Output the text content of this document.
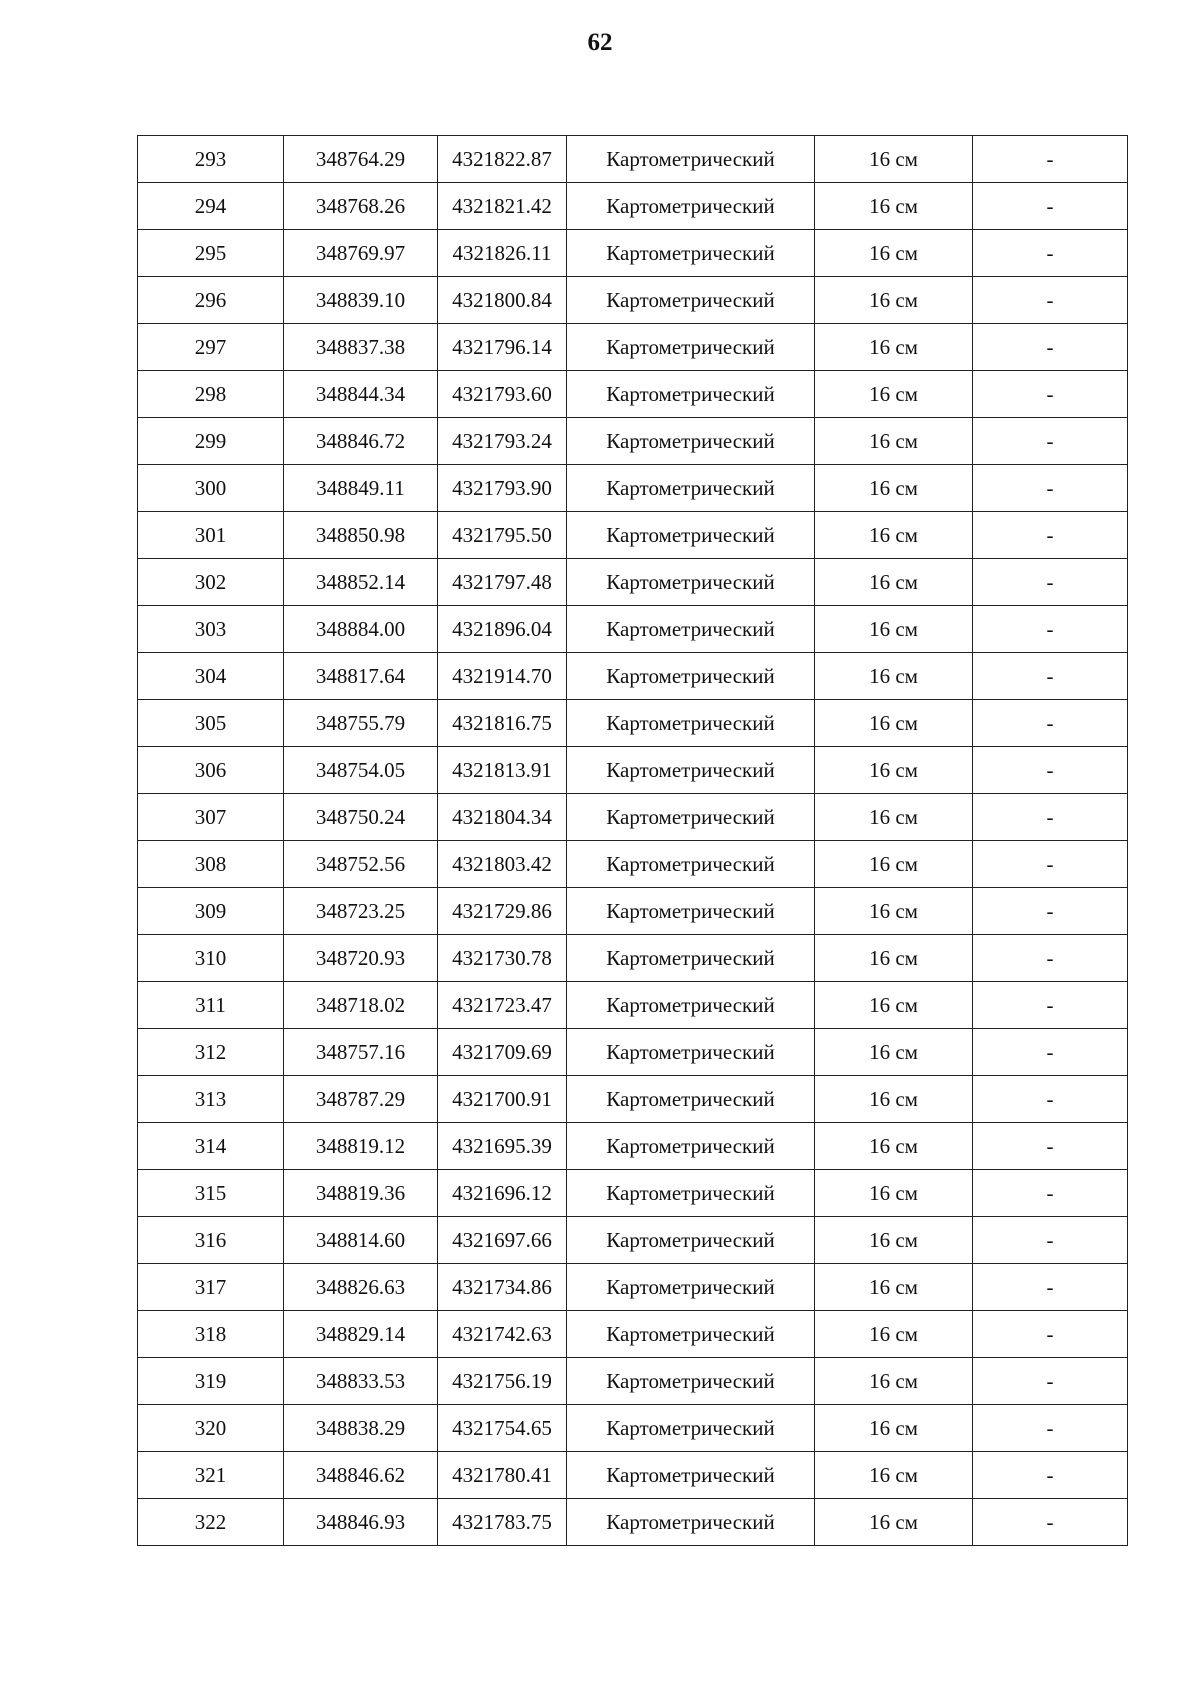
62
293	348764.29	4321822.87	Картометрический	16 см	-
294	348768.26	4321821.42	Картометрический	16 см	-
295	348769.97	4321826.11	Картометрический	16 см	-
296	348839.10	4321800.84	Картометрический	16 см	-
297	348837.38	4321796.14	Картометрический	16 см	-
298	348844.34	4321793.60	Картометрический	16 см	-
299	348846.72	4321793.24	Картометрический	16 см	-
300	348849.11	4321793.90	Картометрический	16 см	-
301	348850.98	4321795.50	Картометрический	16 см	-
302	348852.14	4321797.48	Картометрический	16 см	-
303	348884.00	4321896.04	Картометрический	16 см	-
304	348817.64	4321914.70	Картометрический	16 см	-
305	348755.79	4321816.75	Картометрический	16 см	-
306	348754.05	4321813.91	Картометрический	16 см	-
307	348750.24	4321804.34	Картометрический	16 см	-
308	348752.56	4321803.42	Картометрический	16 см	-
309	348723.25	4321729.86	Картометрический	16 см	-
310	348720.93	4321730.78	Картометрический	16 см	-
311	348718.02	4321723.47	Картометрический	16 см	-
312	348757.16	4321709.69	Картометрический	16 см	-
313	348787.29	4321700.91	Картометрический	16 см	-
314	348819.12	4321695.39	Картометрический	16 см	-
315	348819.36	4321696.12	Картометрический	16 см	-
316	348814.60	4321697.66	Картометрический	16 см	-
317	348826.63	4321734.86	Картометрический	16 см	-
318	348829.14	4321742.63	Картометрический	16 см	-
319	348833.53	4321756.19	Картометрический	16 см	-
320	348838.29	4321754.65	Картометрический	16 см	-
321	348846.62	4321780.41	Картометрический	16 см	-
322	348846.93	4321783.75	Картометрический	16 см	-
